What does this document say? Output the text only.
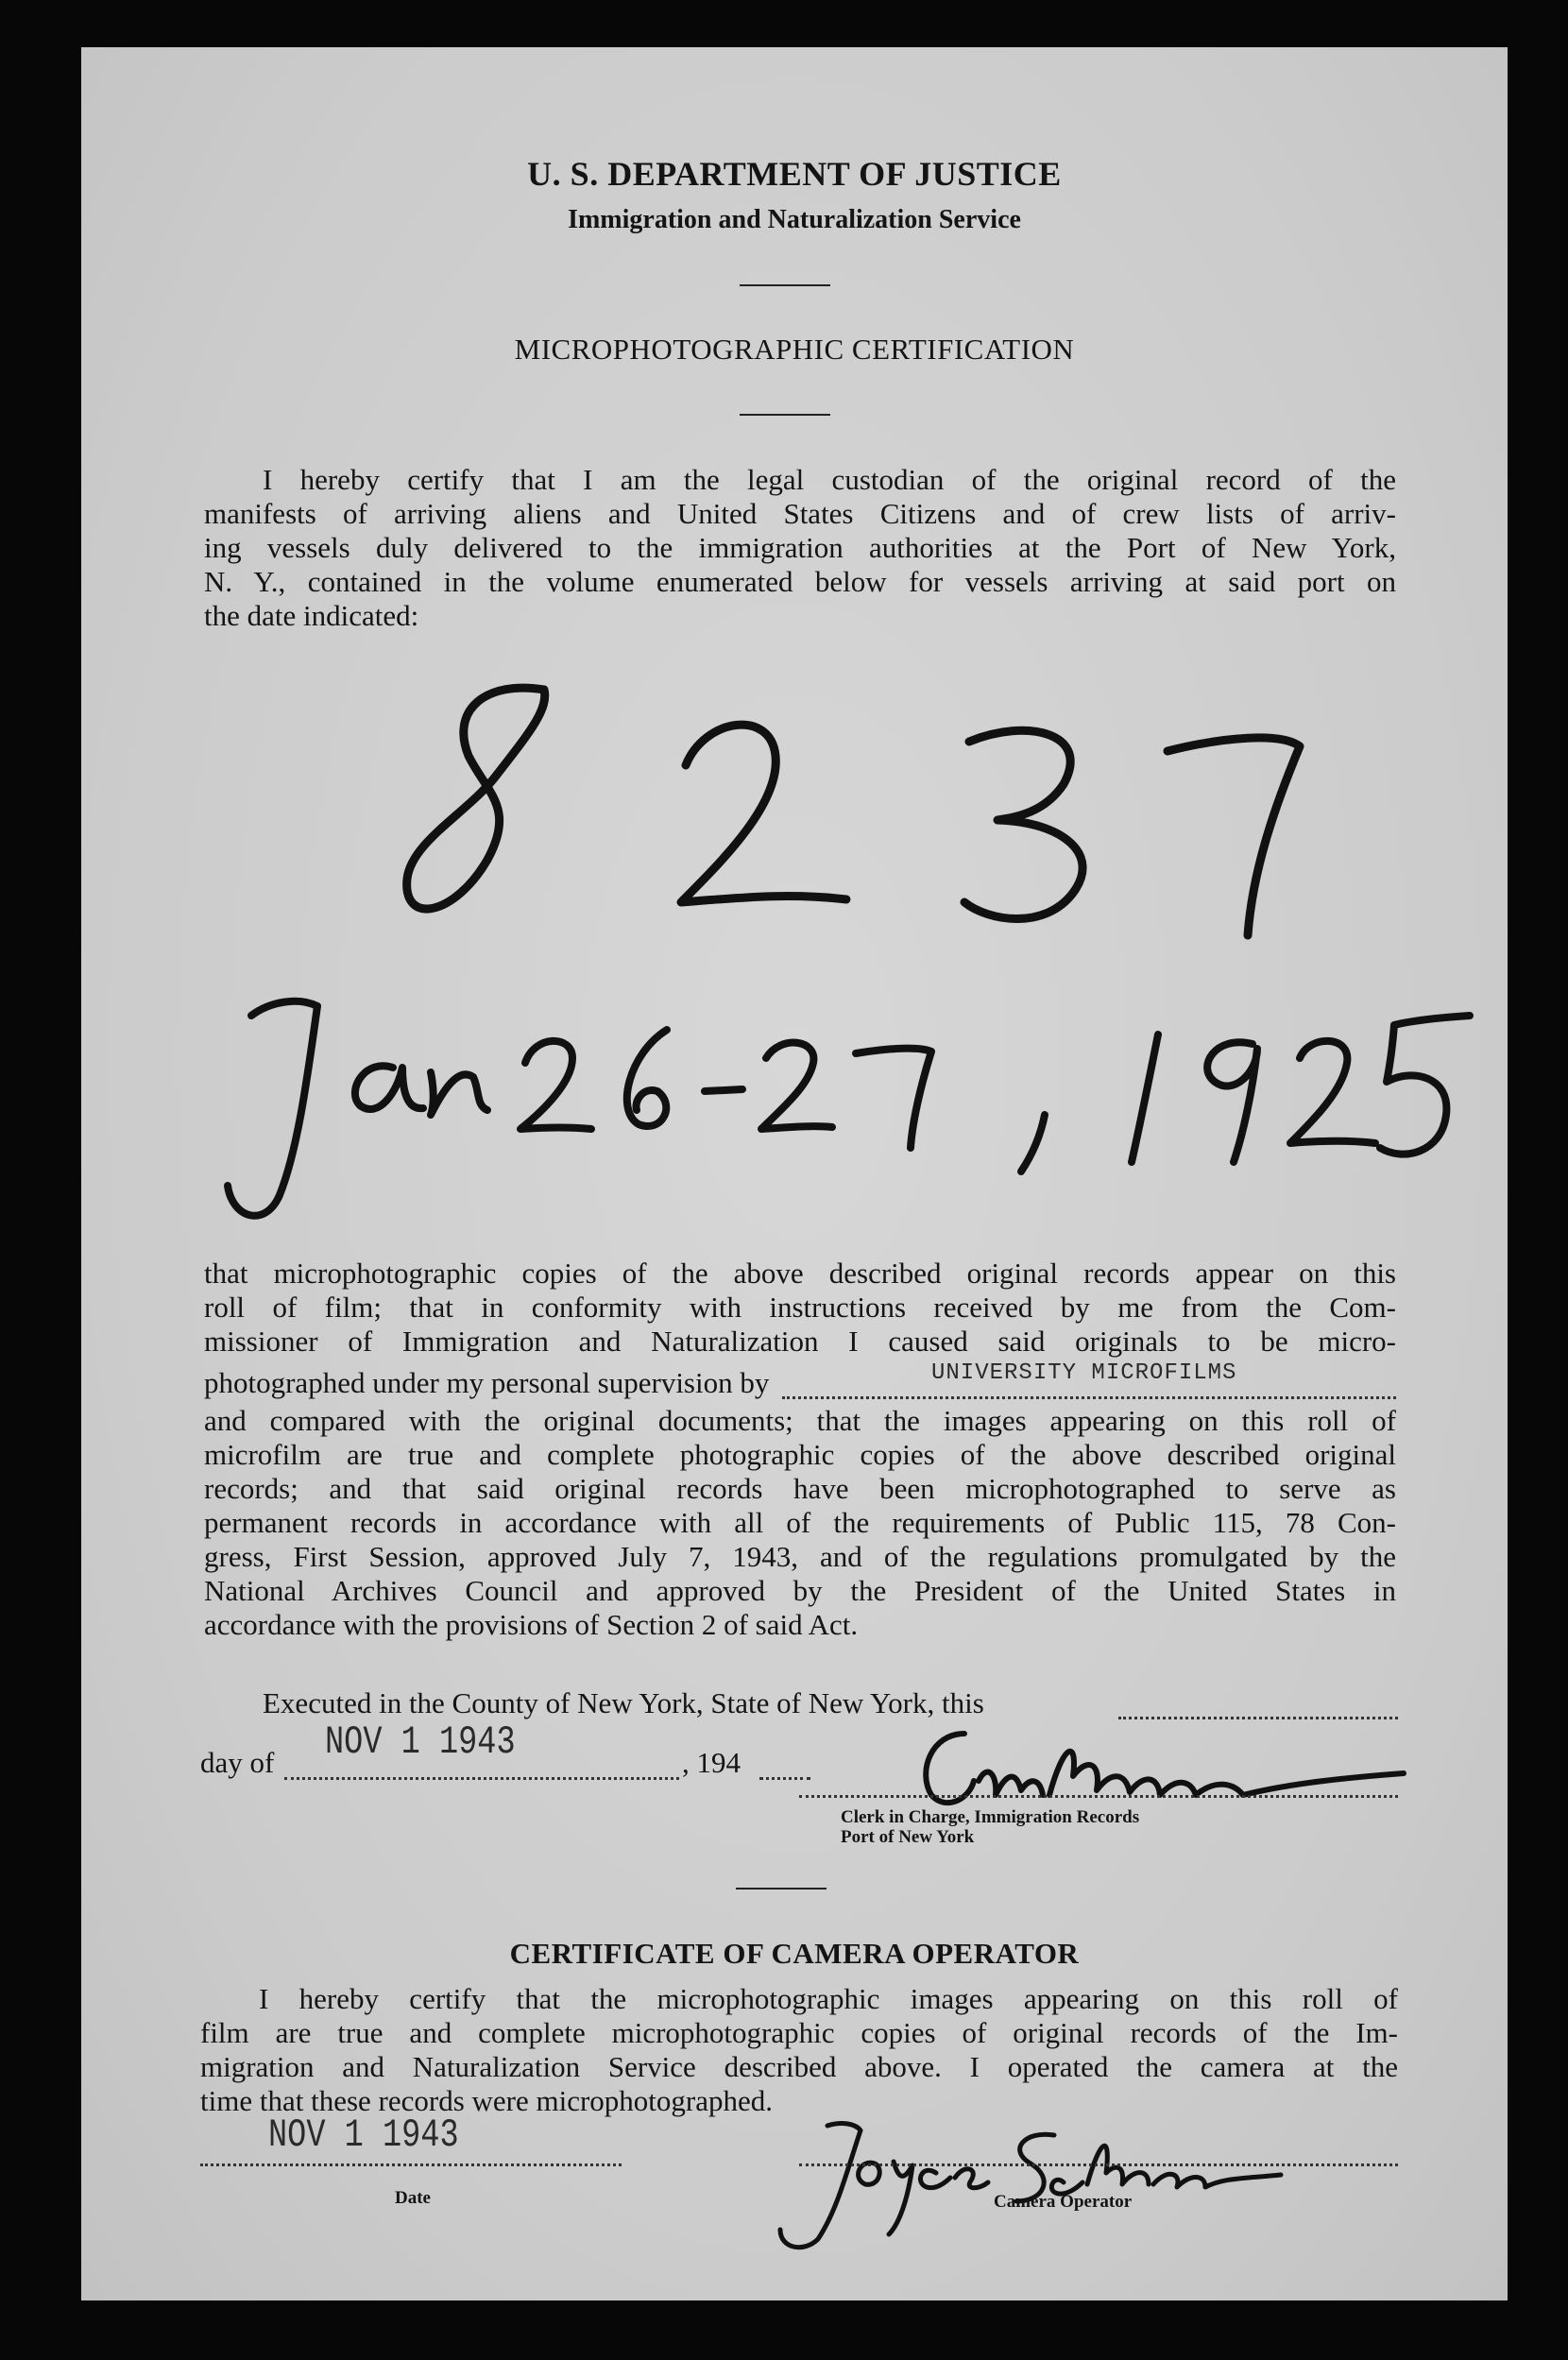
U. S. DEPARTMENT OF JUSTICE
Immigration and Naturalization Service
MICROPHOTOGRAPHIC CERTIFICATION
I hereby certify that I am the legal custodian of the original record of the
manifests of arriving aliens and United States Citizens and of crew lists of arriv-
ing vessels duly delivered to the immigration authorities at the Port of New York,
N. Y., contained in the volume enumerated below for vessels arriving at said port on
the date indicated:
that microphotographic copies of the above described original records appear on this
roll of film; that in conformity with instructions received by me from the Com-
missioner of Immigration and Naturalization I caused said originals to be micro-
photographed under my personal supervision by	UNIVERSITY MICROFILMS
and compared with the original documents; that the images appearing on this roll of
microfilm are true and complete photographic copies of the above described original
records; and that said original records have been microphotographed to serve as
permanent records in accordance with all of the requirements of Public 115, 78 Con-
gress, First Session, approved July 7, 1943, and of the regulations promulgated by the
National Archives Council and approved by the President of the United States in
accordance with the provisions of Section 2 of said Act.
Executed in the County of New York, State of New York, this
day of NOV 1 1943	, 194
Clerk in Charge, Immigration Records
Port of New York
CERTIFICATE OF CAMERA OPERATOR
I hereby certify that the microphotographic images appearing on this roll of
film are true and complete microphotographic copies of original records of the Im-
migration and Naturalization Service described above. I operated the camera at the
time that these records were microphotographed.
NOV 1 1943
Date	Camera Operator
